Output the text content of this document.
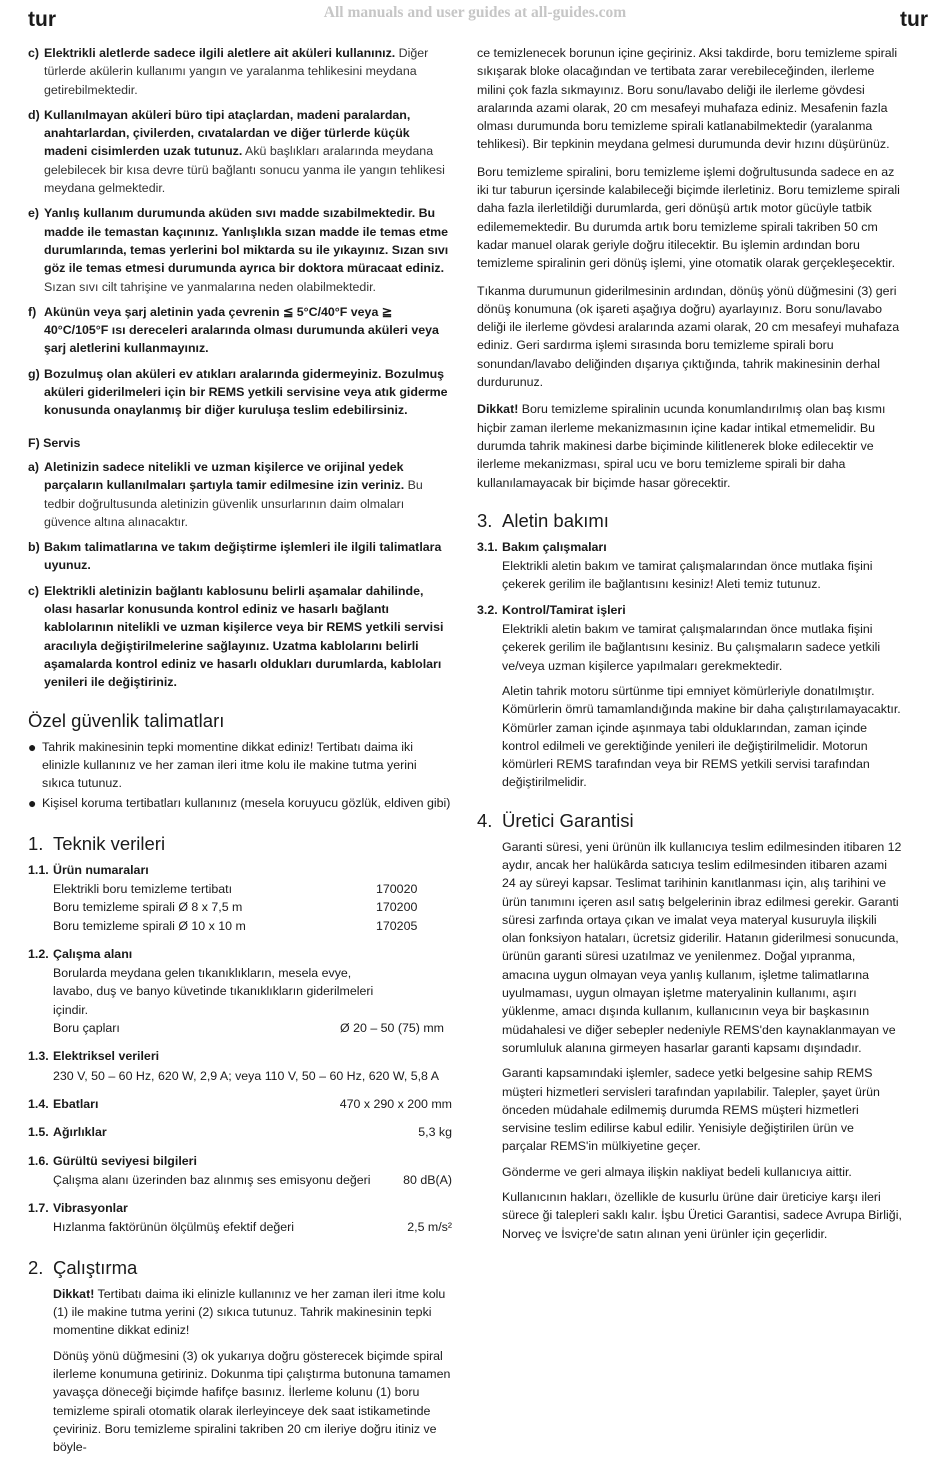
tur	All manuals and user guides at all-guides.com	tur
c) Elektrikli aletlerde sadece ilgili aletlere ait aküleri kullanınız. Diğer türlerde akülerin kullanımı yangın ve yaralanma tehlikesini meydana getirebilmektedir.
d) Kullanılmayan aküleri büro tipi ataçlardan, madeni paralardan, anahtarlardan, çivilerden, cıvatalardan ve diğer türlerde küçük madeni cisimlerden uzak tutunuz. Akü başlıkları aralarında meydana gelebilecek bir kısa devre türü bağlantı sonucu yanma ile yangın tehlikesi meydana gelmektedir.
e) Yanlış kullanım durumunda aküden sıvı madde sızabilmektedir. Bu madde ile temastan kaçınınız. Yanlışlıkla sızan madde ile temas etme durumlarında, temas yerlerini bol miktarda su ile yıkayınız. Sızan sıvı göz ile temas etmesi durumunda ayrıca bir doktora müracaat ediniz. Sızan sıvı cilt tahrişine ve yanmalarına neden olabilmektedir.
f) Akünün veya şarj aletinin yada çevrenin ≦ 5°C/40°F veya ≧ 40°C/105°F ısı dereceleri aralarında olması durumunda aküleri veya şarj aletlerini kullanmayınız.
g) Bozulmuş olan aküleri ev atıkları aralarında gidermeyiniz. Bozulmuş aküleri giderilmeleri için bir REMS yetkili servisine veya atık giderme konusunda onaylanmış bir diğer kuruluşa teslim edebilirsiniz.
F) Servis
a) Aletinizin sadece nitelikli ve uzman kişilerce ve orijinal yedek parçaların kullanılmaları şartıyla tamir edilmesine izin veriniz. Bu tedbir doğrultusunda aletinizin güvenlik unsurlarının daim olmaları güvence altına alınacaktır.
b) Bakım talimatlarına ve takım değiştirme işlemleri ile ilgili talimatlara uyunuz.
c) Elektrikli aletinizin bağlantı kablosunu belirli aşamalar dahilinde, olası hasarlar konusunda kontrol ediniz ve hasarlı bağlantı kablolarının nitelikli ve uzman kişilerce veya bir REMS yetkili servisi aracılıyla değiştirilmelerine sağlayınız. Uzatma kablolarını belirli aşamalarda kontrol ediniz ve hasarlı oldukları durumlarda, kabloları yenileri ile değiştiriniz.
Özel güvenlik talimatları
● Tahrik makinesinin tepki momentine dikkat ediniz! Tertibatı daima iki elinizle kullanınız ve her zaman ileri itme kolu ile makine tutma yerini sıkıca tutunuz.
● Kişisel koruma tertibatları kullanınız (mesela koruyucu gözlük, eldiven gibi)
1. Teknik verileri
1.1. Ürün numaraları
Elektrikli boru temizleme tertibatı	170020
Boru temizleme spirali Ø 8 x 7,5 m	170200
Boru temizleme spirali Ø 10 x 10 m	170205
1.2. Çalışma alanı
Borularda meydana gelen tıkanıklıkların, mesela evye, lavabo, duş ve banyo küvetinde tıkanıklıkların giderilmeleri içindir.
Boru çapları	Ø 20 – 50 (75) mm
1.3. Elektriksel verileri
230 V, 50 – 60 Hz, 620 W, 2,9 A; veya 110 V, 50 – 60 Hz, 620 W, 5,8 A
1.4. Ebatları	470 x 290 x 200 mm
1.5. Ağırlıklar	5,3 kg
1.6. Gürültü seviyesi bilgileri
Çalışma alanı üzerinden baz alınmış ses emisyonu değeri	80 dB(A)
1.7. Vibrasyonlar
Hızlanma faktörünün ölçülmüş efektif değeri	2,5 m/s²
2. Çalıştırma
Dikkat! Tertibatı daima iki elinizle kullanınız ve her zaman ileri itme kolu (1) ile makine tutma yerini (2) sıkıca tutunuz. Tahrik makinesinin tepki momentine dikkat ediniz!
Dönüş yönü düğmesini (3) ok yukarıya doğru gösterecek biçimde spiral ilerleme konumuna getiriniz. Dokunma tipi çalıştırma butonuna tamamen yavaşça döneceği biçimde hafifçe basınız. İlerleme kolunu (1) boru temizleme spirali otomatik olarak ilerleyinceye dek saat istikametinde çeviriniz. Boru temizleme spiralini takriben 20 cm ileriye doğru itiniz ve böyle-
ce temizlenecek borunun içine geçiriniz. Aksi takdirde, boru temizleme spirali sıkışarak bloke olacağından ve tertibata zarar verebileceğinden, ilerleme milini çok fazla sıkmayınız. Boru sonu/lavabo deliği ile ilerleme gövdesi aralarında azami olarak, 20 cm mesafeyi muhafaza ediniz. Mesafenin fazla olması durumunda boru temizleme spirali katlanabilmektedir (yaralanma tehlikesi). Bir tepkinin meydana gelmesi durumunda devir hızını düşürünüz.
Boru temizleme spiralini, boru temizleme işlemi doğrultusunda sadece en az iki tur taburun içersinde kalabileceği biçimde ilerletiniz. Boru temizleme spirali daha fazla ilerletildiği durumlarda, geri dönüşü artık motor gücüyle tatbik edilememektedir. Bu durumda artık boru temizleme spirali takriben 50 cm kadar manuel olarak geriyle doğru itilecektir. Bu işlemin ardından boru temizleme spiralinin geri dönüş işlemi, yine otomatik olarak gerçekleşecektir.
Tıkanma durumunun giderilmesinin ardından, dönüş yönü düğmesini (3) geri dönüş konumuna (ok işareti aşağıya doğru) ayarlayınız. Boru sonu/lavabo deliği ile ilerleme gövdesi aralarında azami olarak, 20 cm mesafeyi muhafaza ediniz. Geri sardırma işlemi sırasında boru temizleme spirali boru sonundan/lavabo deliğinden dışarıya çıktığında, tahrik makinesinin derhal durdurunuz.
Dikkat! Boru temizleme spiralinin ucunda konumlandırılmış olan baş kısmı hiçbir zaman ilerleme mekanizmasının içine kadar intikal etmemelidir. Bu durumda tahrik makinesi darbe biçiminde kilitlenerek bloke edilecektir ve ilerleme mekanizması, spiral ucu ve boru temizleme spirali bir daha kullanılamayacak bir biçimde hasar görecektir.
3. Aletin bakımı
3.1. Bakım çalışmaları
Elektrikli aletin bakım ve tamirat çalışmalarından önce mutlaka fişini çekerek gerilim ile bağlantısını kesiniz! Aleti temiz tutunuz.
3.2. Kontrol/Tamirat işleri
Elektrikli aletin bakım ve tamirat çalışmalarından önce mutlaka fişini çekerek gerilim ile bağlantısını kesiniz. Bu çalışmaların sadece yetkili ve/veya uzman kişilerce yapılmaları gerekmektedir.
Aletin tahrik motoru sürtünme tipi emniyet kömürleriyle donatılmıştır. Kömürlerin ömrü tamamlandığında makine bir daha çalıştırılamayacaktır. Kömürler zaman içinde aşınmaya tabi olduklarından, zaman içinde kontrol edilmeli ve gerektiğinde yenileri ile değiştirilmelidir. Motorun kömürleri REMS tarafından veya bir REMS yetkili servisi tarafından değiştirilmelidir.
4. Üretici Garantisi
Garanti süresi, yeni ürünün ilk kullanıcıya teslim edilmesinden itibaren 12 aydır, ancak her halükârda satıcıya teslim edilmesinden itibaren azami 24 ay süreyi kapsar. Teslimat tarihinin kanıtlanması için, alış tarihini ve ürün tanımını içeren asıl satış belgelerinin ibraz edilmesi gerekir. Garanti süresi zarfında ortaya çıkan ve imalat veya materyal kusuruyla ilişkili olan fonksiyon hataları, ücretsiz giderilir. Hatanın giderilmesi sonucunda, ürünün garanti süresi uzatılmaz ve yenilenmez. Doğal yıpranma, amacına uygun olmayan veya yanlış kullanım, işletme talimatlarına uyulmaması, uygun olmayan işletme materyalinin kullanımı, aşırı yüklenme, amacı dışında kullanım, kullanıcının veya bir başkasının müdahalesi ve diğer sebepler nedeniyle REMS'den kaynaklanmayan ve sorumluluk alanına girmeyen hasarlar garanti kapsamı dışındadır.
Garanti kapsamındaki işlemler, sadece yetki belgesine sahip REMS müşteri hizmetleri servisleri tarafından yapılabilir. Talepler, şayet ürün önceden müdahale edilmemiş durumda REMS müşteri hizmetleri servisine teslim edilirse kabul edilir. Yenisiyle değiştirilen ürün ve parçalar REMS'in mülkiyetine geçer.
Gönderme ve geri almaya ilişkin nakliyat bedeli kullanıcıya aittir.
Kullanıcının hakları, özellikle de kusurlu ürüne dair üreticiye karşı ileri sürece ği talepleri saklı kalır. İşbu Üretici Garantisi, sadece Avrupa Birliği, Norveç ve İsviçre'de satın alınan yeni ürünler için geçerlidir.
